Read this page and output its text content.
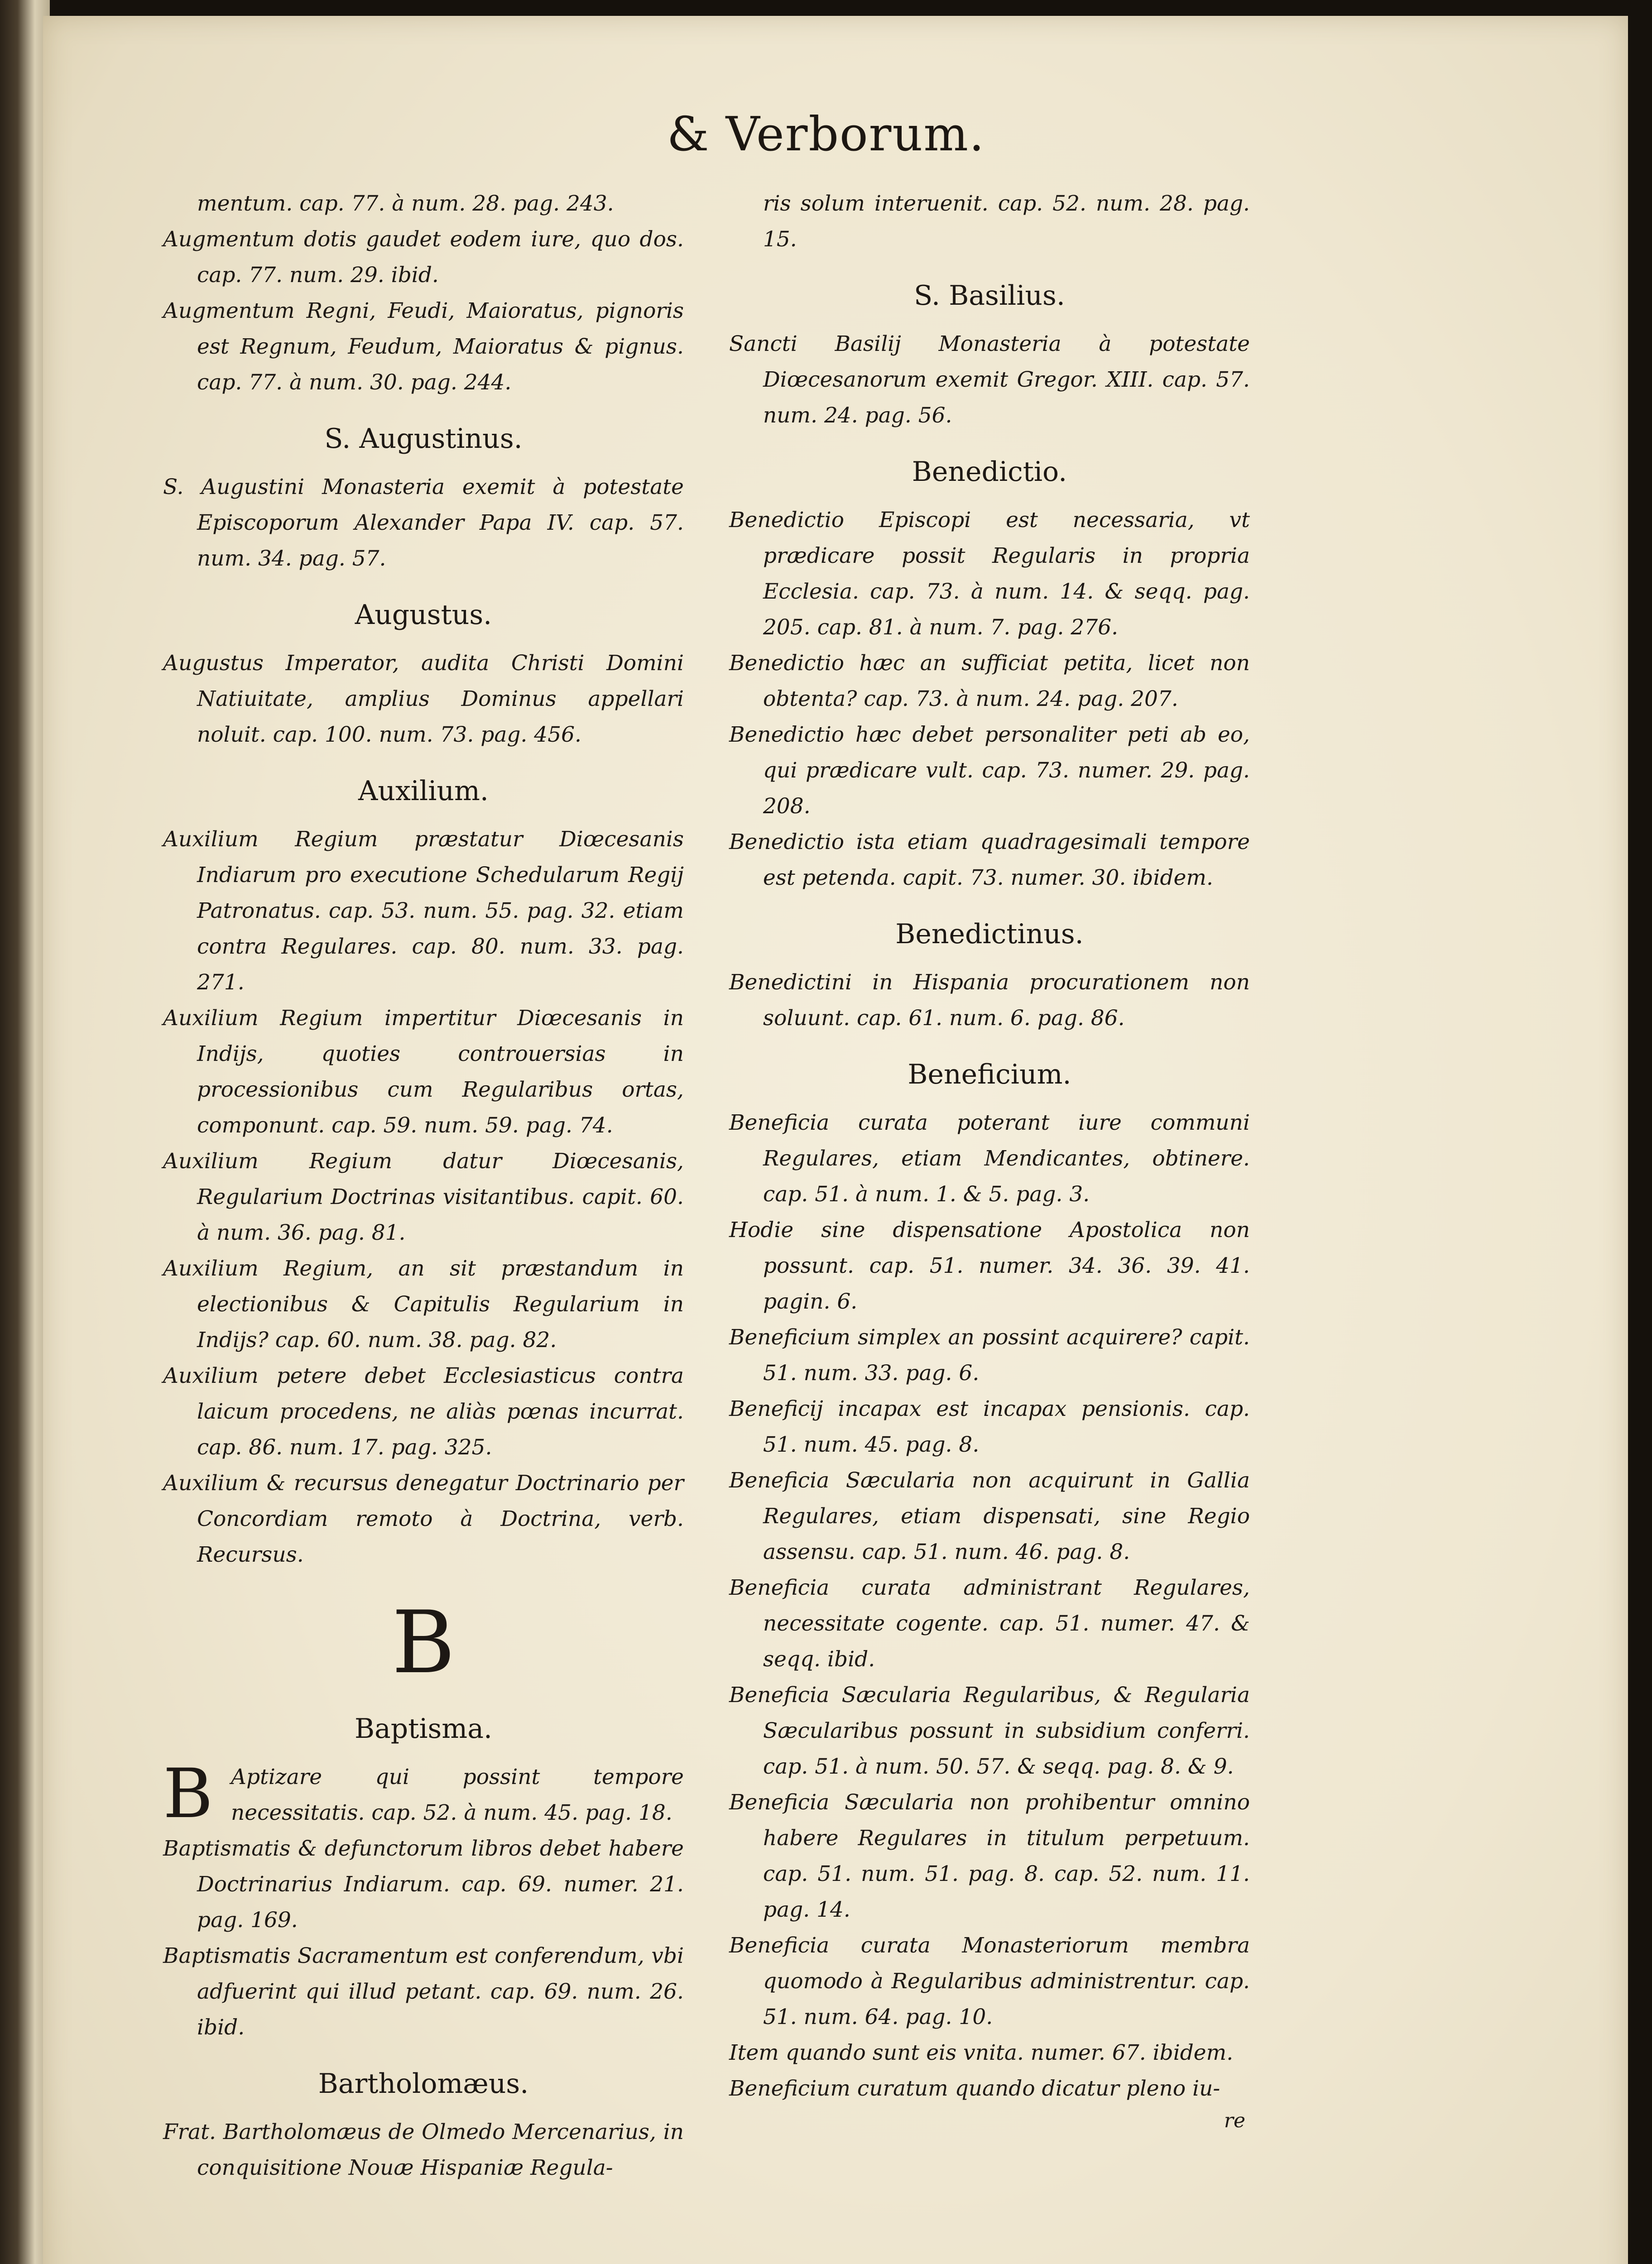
& Verborum.

mentum. cap. 77. à num. 28. pag. 243.

Augmentum dotis gaudet eodem iure, quo dos. cap. 77. num. 29. ibid.

Augmentum Regni, Feudi, Maioratus, pignoris est Regnum, Feudum, Maioratus & pignus. cap. 77. à num. 30. pag. 244.

S. Augustinus.

S. Augustini Monasteria exemit à potestate Episcoporum Alexander Papa IV. cap. 57. num. 34. pag. 57.

Augustus.

Augustus Imperator, audita Christi Domini Natiuitate, amplius Dominus appellari noluit. cap. 100. num. 73. pag. 456.

Auxilium.

Auxilium Regium præstatur Diœcesanis Indiarum pro executione Schedularum Regij Patronatus. cap. 53. num. 55. pag. 32. etiam contra Regulares. cap. 80. num. 33. pag. 271.

Auxilium Regium impertitur Diœcesanis in Indijs, quoties controuersias in processionibus cum Regularibus ortas, componunt. cap. 59. num. 59. pag. 74.

Auxilium Regium datur Diœcesanis, Regularium Doctrinas visitantibus. capit. 60. à num. 36. pag. 81.

Auxilium Regium, an sit præstandum in electionibus & Capitulis Regularium in Indijs? cap. 60. num. 38. pag. 82.

Auxilium petere debet Ecclesiasticus contra laicum procedens, ne aliàs pœnas incurrat. cap. 86. num. 17. pag. 325.

Auxilium & recursus denegatur Doctrinario per Concordiam remoto à Doctrina, verb. Recursus.

B
Baptisma.

B Aptizare qui possint tempore necessitatis. cap. 52. à num. 45. pag. 18.

Baptismatis & defunctorum libros debet habere Doctrinarius Indiarum. cap. 69. numer. 21. pag. 169.

Baptismatis Sacramentum est conferendum, vbi adfuerint qui illud petant. cap. 69. num. 26. ibid.

Bartholomæus.

Frat. Bartholomæus de Olmedo Mercenarius, in conquisitione Nouæ Hispaniæ Regula-

ris solum interuenit. cap. 52. num. 28. pag. 15.

S. Basilius.

Sancti Basilij Monasteria à potestate Diœcesanorum exemit Gregor. XIII. cap. 57. num. 24. pag. 56.

Benedictio.

Benedictio Episcopi est necessaria, vt prædicare possit Regularis in propria Ecclesia. cap. 73. à num. 14. & seqq. pag. 205. cap. 81. à num. 7. pag. 276.

Benedictio hæc an sufficiat petita, licet non obtenta? cap. 73. à num. 24. pag. 207.

Benedictio hæc debet personaliter peti ab eo, qui prædicare vult. cap. 73. numer. 29. pag. 208.

Benedictio ista etiam quadragesimali tempore est petenda. capit. 73. numer. 30. ibidem.

Benedictinus.

Benedictini in Hispania procurationem non soluunt. cap. 61. num. 6. pag. 86.

Beneficium.

Beneficia curata poterant iure communi Regulares, etiam Mendicantes, obtinere. cap. 51. à num. 1. & 5. pag. 3.

Hodie sine dispensatione Apostolica non possunt. cap. 51. numer. 34. 36. 39. 41. pagin. 6.

Beneficium simplex an possint acquirere? capit. 51. num. 33. pag. 6.

Beneficij incapax est incapax pensionis. cap. 51. num. 45. pag. 8.

Beneficia Sæcularia non acquirunt in Gallia Regulares, etiam dispensati, sine Regio assensu. cap. 51. num. 46. pag. 8.

Beneficia curata administrant Regulares, necessitate cogente. cap. 51. numer. 47. & seqq. ibid.

Beneficia Sæcularia Regularibus, & Regularia Sæcularibus possunt in subsidium conferri. cap. 51. à num. 50. 57. & seqq. pag. 8. & 9.

Beneficia Sæcularia non prohibentur omnino habere Regulares in titulum perpetuum. cap. 51. num. 51. pag. 8. cap. 52. num. 11. pag. 14.

Beneficia curata Monasteriorum membra quomodo à Regularibus administrentur. cap. 51. num. 64. pag. 10.

Item quando sunt eis vnita. numer. 67. ibidem.

Beneficium curatum quando dicatur pleno iu-

re
